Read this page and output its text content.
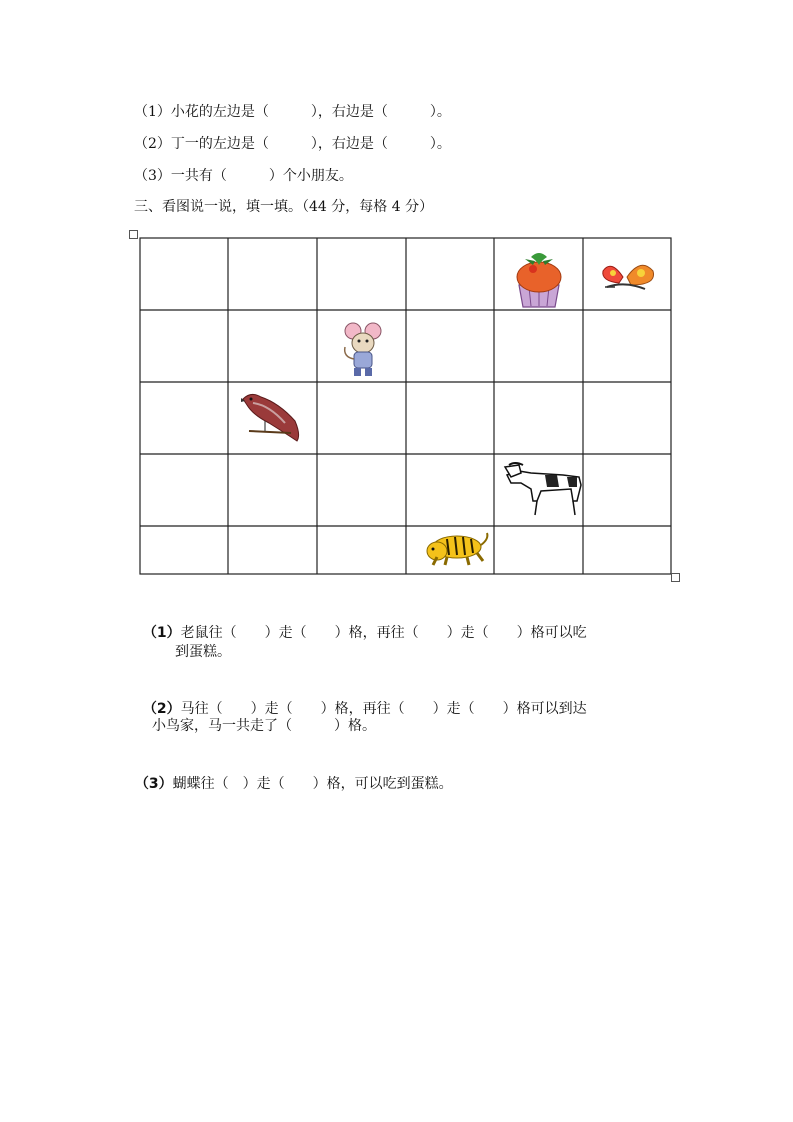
（1）小花的左边是（　　　），右边是（　　　）。
（2）丁一的左边是（　　　），右边是（　　　）。
（3）一共有（　　　）个小朋友。
三、看图说一说，填一填。（44 分，每格 4 分）

（1）老鼠往（　　）走（　　）格，再往（　　）走（　　）格可以吃

到蛋糕。

（2）马往（　　）走（　　）格，再往（　　）走（　　）格可以到达

小鸟家，马一共走了（　　　）格。

（3）蝴蝶往（　）走（　　）格，可以吃到蛋糕。
